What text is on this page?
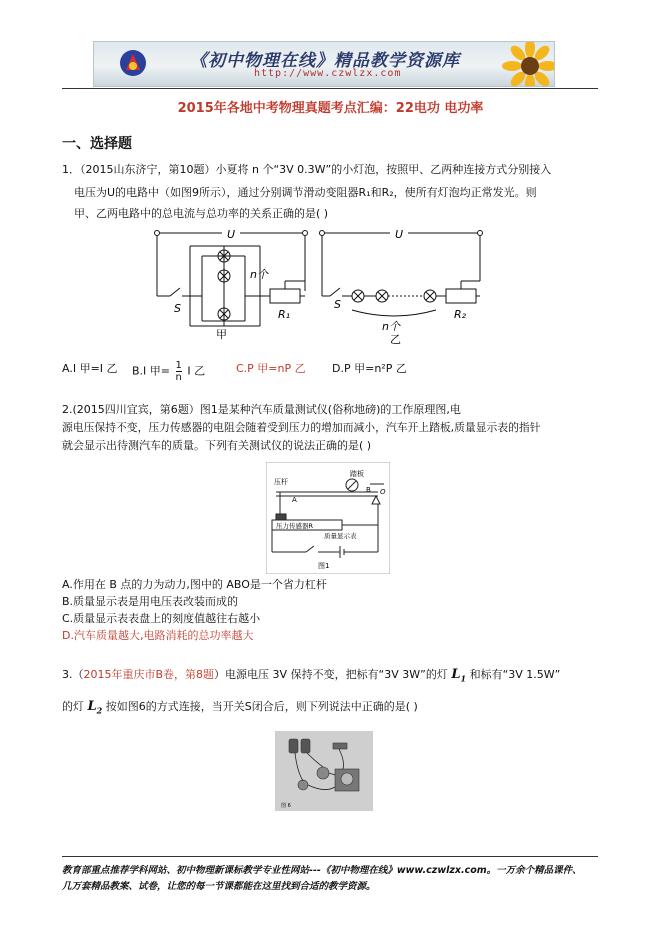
《初中物理在线》精品教学资源库
http://www.czwlzx.com
2015年各地中考物理真题考点汇编：22电功 电功率
一、选择题
1．（2015山东济宁，第10题）小夏将 n 个“3V 0.3W”的小灯泡，按照甲、乙两种连接方式分别接入
电压为U的电路中（如图9所示），通过分别调节滑动变阻器R₁和R₂，使所有灯泡均正常发光。则
甲、乙两电路中的总电流与总功率的关系正确的是( )
U	U
S	S
n个
n个
R₁	R₂
甲	乙
A.I 甲=I 乙 B.I 甲= $\frac{1}{n}$ I 乙	C.P 甲=nP 乙 D.P 甲=n²P 乙
2.(2015四川宜宾，第6题）图1是某种汽车质量测试仪(俗称地磅)的工作原理图,电
源电压保持不变，压力传感器的电阻会随着受到压力的增加而减小，汽车开上踏板,质量显示表的指针
就会显示出待测汽车的质量。下列有关测试仪的说法正确的是( )
踏板
压杆
压力传感器R
质量显示表
A
B O
图1
A.作用在 B 点的力为动力,图中的 ABO是一个省力杠杆
B.质量显示表是用电压表改装而成的
C.质量显示表表盘上的刻度值越往右越小
D.汽车质量越大,电路消耗的总功率越大
3.（2015年重庆市B卷，第8题）电源电压 3V 保持不变，把标有“3V 3W”的灯 $L_1$ 和标有“3V 1.5W”
的灯 $L_2$ 按如图6的方式连接，当开关S闭合后，则下列说法中正确的是( )
图 6
教育部重点推荐学科网站、初中物理新课标教学专业性网站---《初中物理在线》www.czwlzx.com。一万余个精品课件、
几万套精品教案、试卷，让您的每一节课都能在这里找到合适的教学资源。
